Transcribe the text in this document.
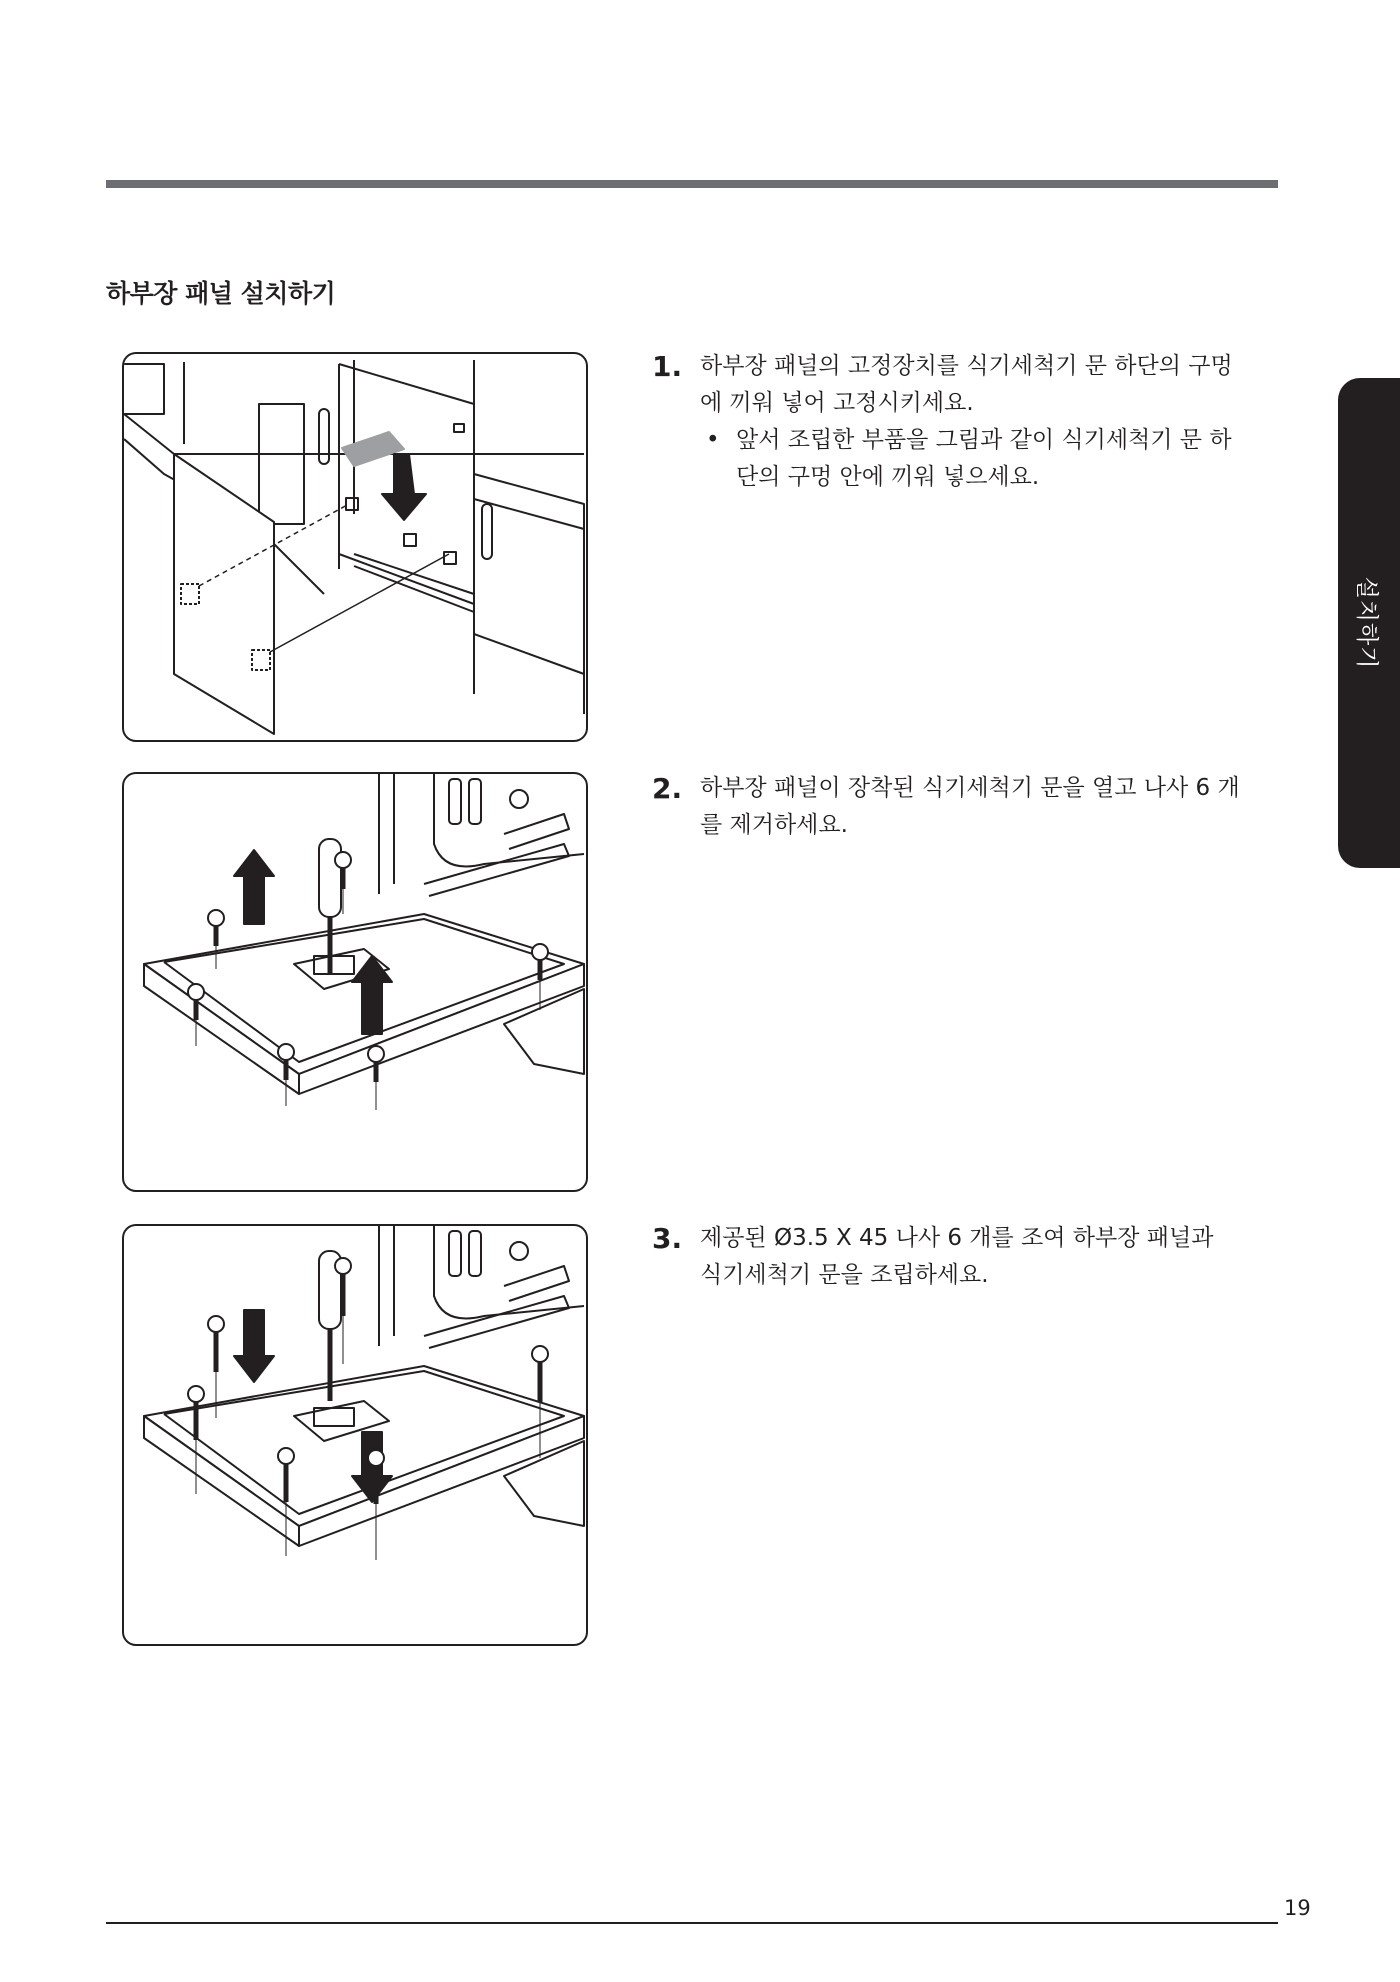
하부장 패널 설치하기
1. 하부장 패널의 고정장치를 식기세척기 문 하단의 구멍에 끼워 넣어 고정시키세요.
• 앞서 조립한 부품을 그림과 같이 식기세척기 문 하단의 구멍 안에 끼워 넣으세요.
2. 하부장 패널이 장착된 식기세척기 문을 열고 나사 6 개를 제거하세요.
3. 제공된 Ø3.5 X 45 나사 6 개를 조여 하부장 패널과 식기세척기 문을 조립하세요.
설치하기
19
